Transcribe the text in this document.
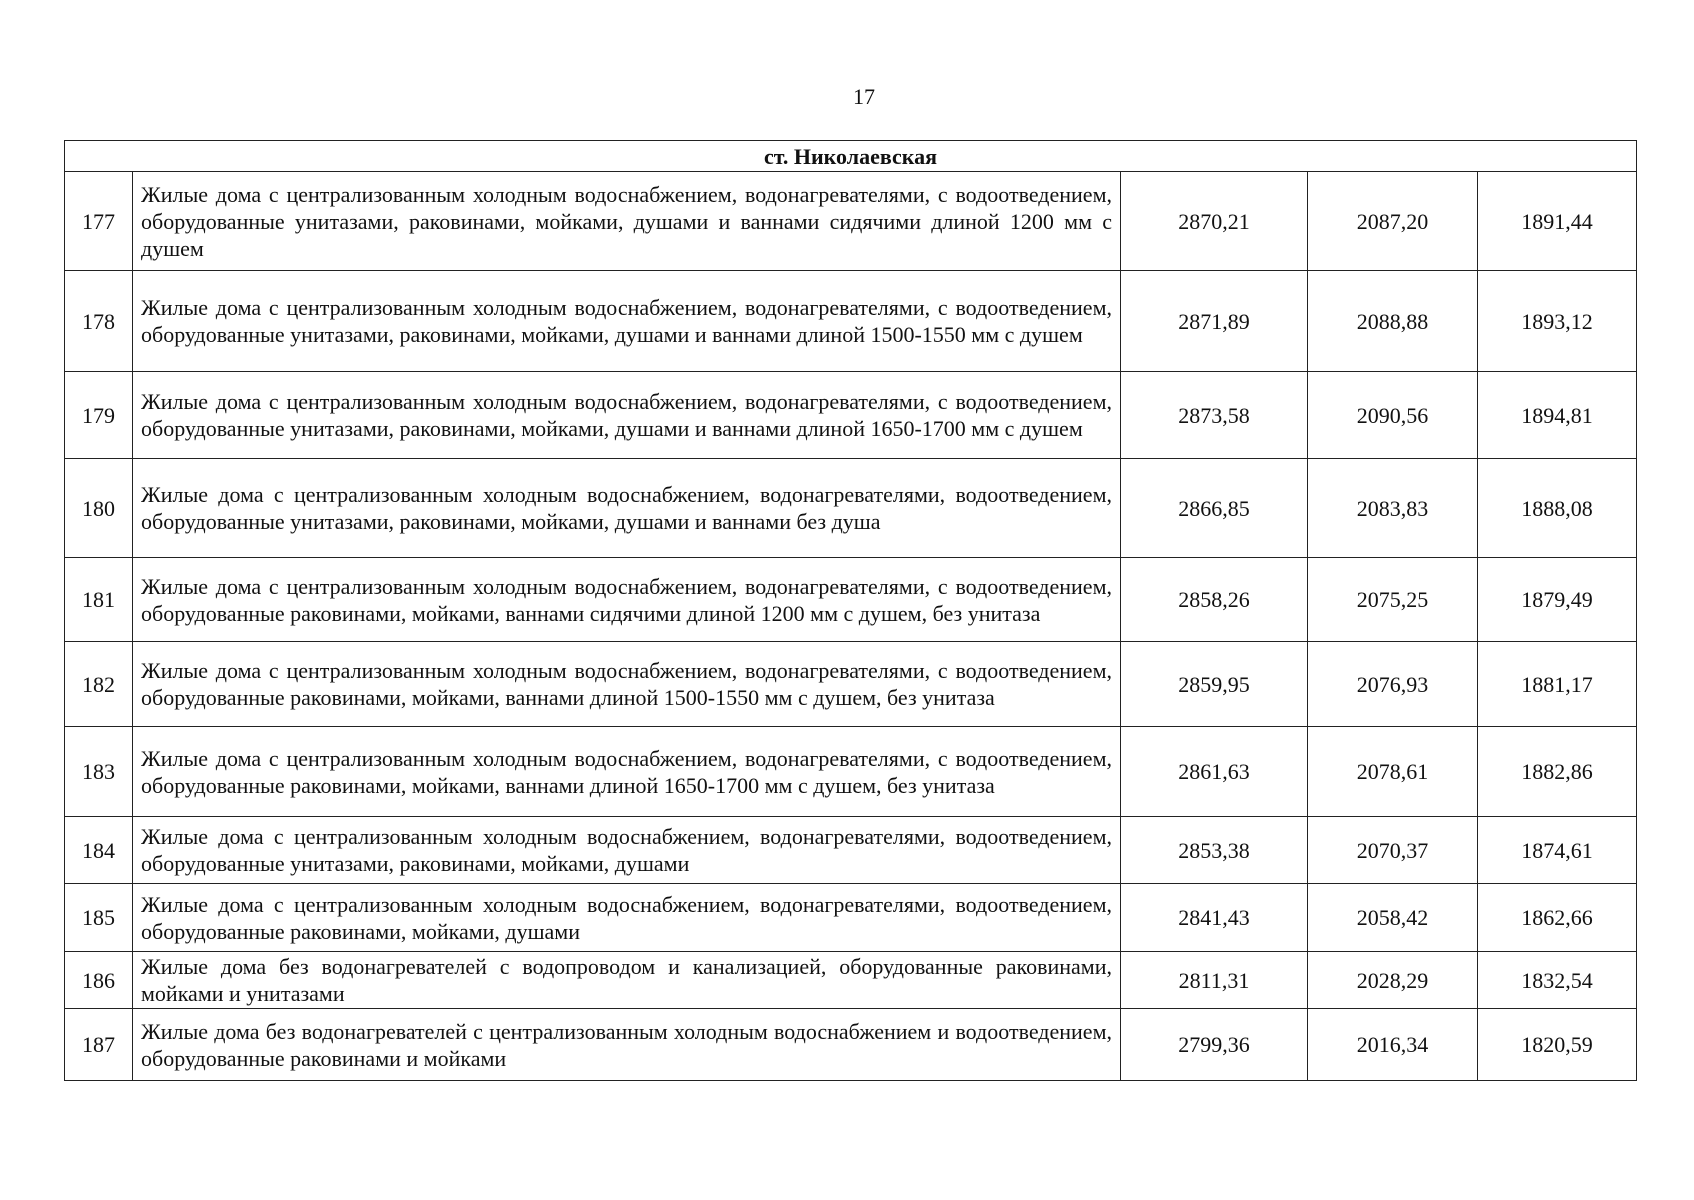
17
ст. Николаевская				
177	Жилые дома с централизованным холодным водоснабжением, водонагревателями, с водоотведением, оборудованные унитазами, раковинами, мойками, душами и ваннами сидячими длиной 1200 мм с душем	2870,21	2087,20	1891,44
178	Жилые дома с централизованным холодным водоснабжением, водонагревателями, с водоотведением, оборудованные унитазами, раковинами, мойками, душами и ваннами длиной 1500-1550 мм с душем	2871,89	2088,88	1893,12
179	Жилые дома с централизованным холодным водоснабжением, водонагревателями, с водоотведением, оборудованные унитазами, раковинами, мойками, душами и ваннами длиной 1650-1700 мм с душем	2873,58	2090,56	1894,81
180	Жилые дома с централизованным холодным водоснабжением, водонагревателями, водоотведением, оборудованные унитазами, раковинами, мойками, душами и ваннами без душа	2866,85	2083,83	1888,08
181	Жилые дома с централизованным холодным водоснабжением, водонагревателями, с водоотведением, оборудованные раковинами, мойками, ваннами сидячими длиной 1200 мм с душем, без унитаза	2858,26	2075,25	1879,49
182	Жилые дома с централизованным холодным водоснабжением, водонагревателями, с водоотведением, оборудованные раковинами, мойками, ваннами длиной 1500-1550 мм с душем, без унитаза	2859,95	2076,93	1881,17
183	Жилые дома с централизованным холодным водоснабжением, водонагревателями, с водоотведением, оборудованные раковинами, мойками, ваннами длиной 1650-1700 мм с душем, без унитаза	2861,63	2078,61	1882,86
184	Жилые дома с централизованным холодным водоснабжением, водонагревателями, водоотведением, оборудованные унитазами, раковинами, мойками, душами	2853,38	2070,37	1874,61
185	Жилые дома с централизованным холодным водоснабжением, водонагревателями, водоотведением, оборудованные раковинами, мойками, душами	2841,43	2058,42	1862,66
186	Жилые дома без водонагревателей с водопроводом и канализацией, оборудованные раковинами, мойками и унитазами	2811,31	2028,29	1832,54
187	Жилые дома без водонагревателей с централизованным холодным водоснабжением и водоотведением, оборудованные раковинами и мойками	2799,36	2016,34	1820,59
